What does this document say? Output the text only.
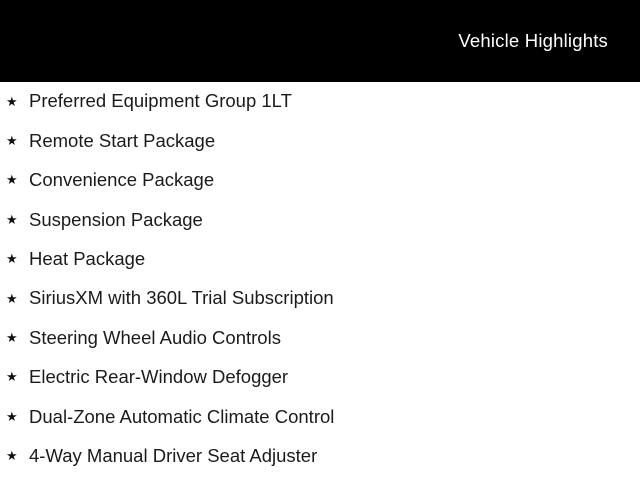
Vehicle Highlights
★ Preferred Equipment Group 1LT
★ Remote Start Package
★ Convenience Package
★ Suspension Package
★ Heat Package
★ SiriusXM with 360L Trial Subscription
★ Steering Wheel Audio Controls
★ Electric Rear-Window Defogger
★ Dual-Zone Automatic Climate Control
★ 4-Way Manual Driver Seat Adjuster
